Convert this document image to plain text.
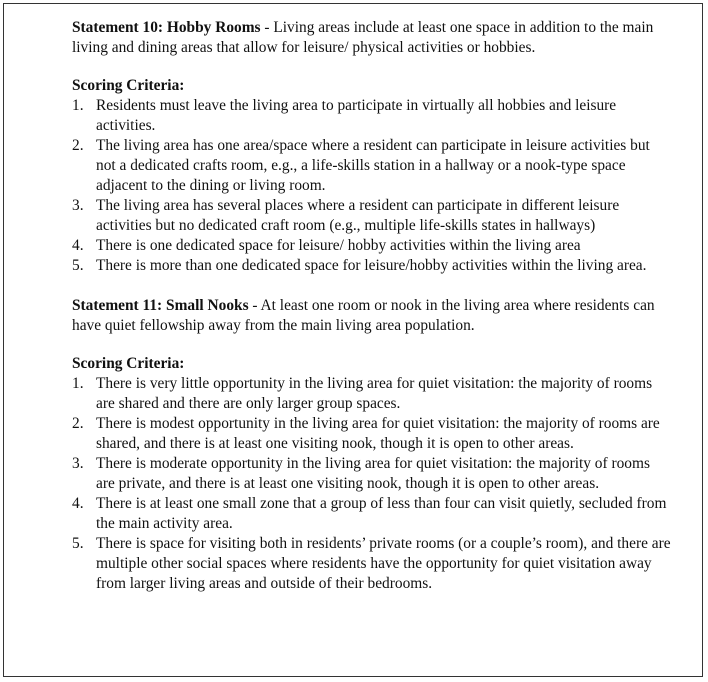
Statement 10: Hobby Rooms - Living areas include at least one space in addition to the main living and dining areas that allow for leisure/ physical activities or hobbies.

Scoring Criteria:

1. Residents must leave the living area to participate in virtually all hobbies and leisure activities.
2. The living area has one area/space where a resident can participate in leisure activities but not a dedicated crafts room, e.g., a life-skills station in a hallway or a nook-type space adjacent to the dining or living room.
3. The living area has several places where a resident can participate in different leisure activities but no dedicated craft room (e.g., multiple life-skills states in hallways)
4. There is one dedicated space for leisure/ hobby activities within the living area
5. There is more than one dedicated space for leisure/hobby activities within the living area.

Statement 11: Small Nooks - At least one room or nook in the living area where residents can have quiet fellowship away from the main living area population.

Scoring Criteria:

1. There is very little opportunity in the living area for quiet visitation: the majority of rooms are shared and there are only larger group spaces.
2. There is modest opportunity in the living area for quiet visitation: the majority of rooms are shared, and there is at least one visiting nook, though it is open to other areas.
3. There is moderate opportunity in the living area for quiet visitation: the majority of rooms are private, and there is at least one visiting nook, though it is open to other areas.
4. There is at least one small zone that a group of less than four can visit quietly, secluded from the main activity area.
5. There is space for visiting both in residents’ private rooms (or a couple’s room), and there are multiple other social spaces where residents have the opportunity for quiet visitation away from larger living areas and outside of their bedrooms.
